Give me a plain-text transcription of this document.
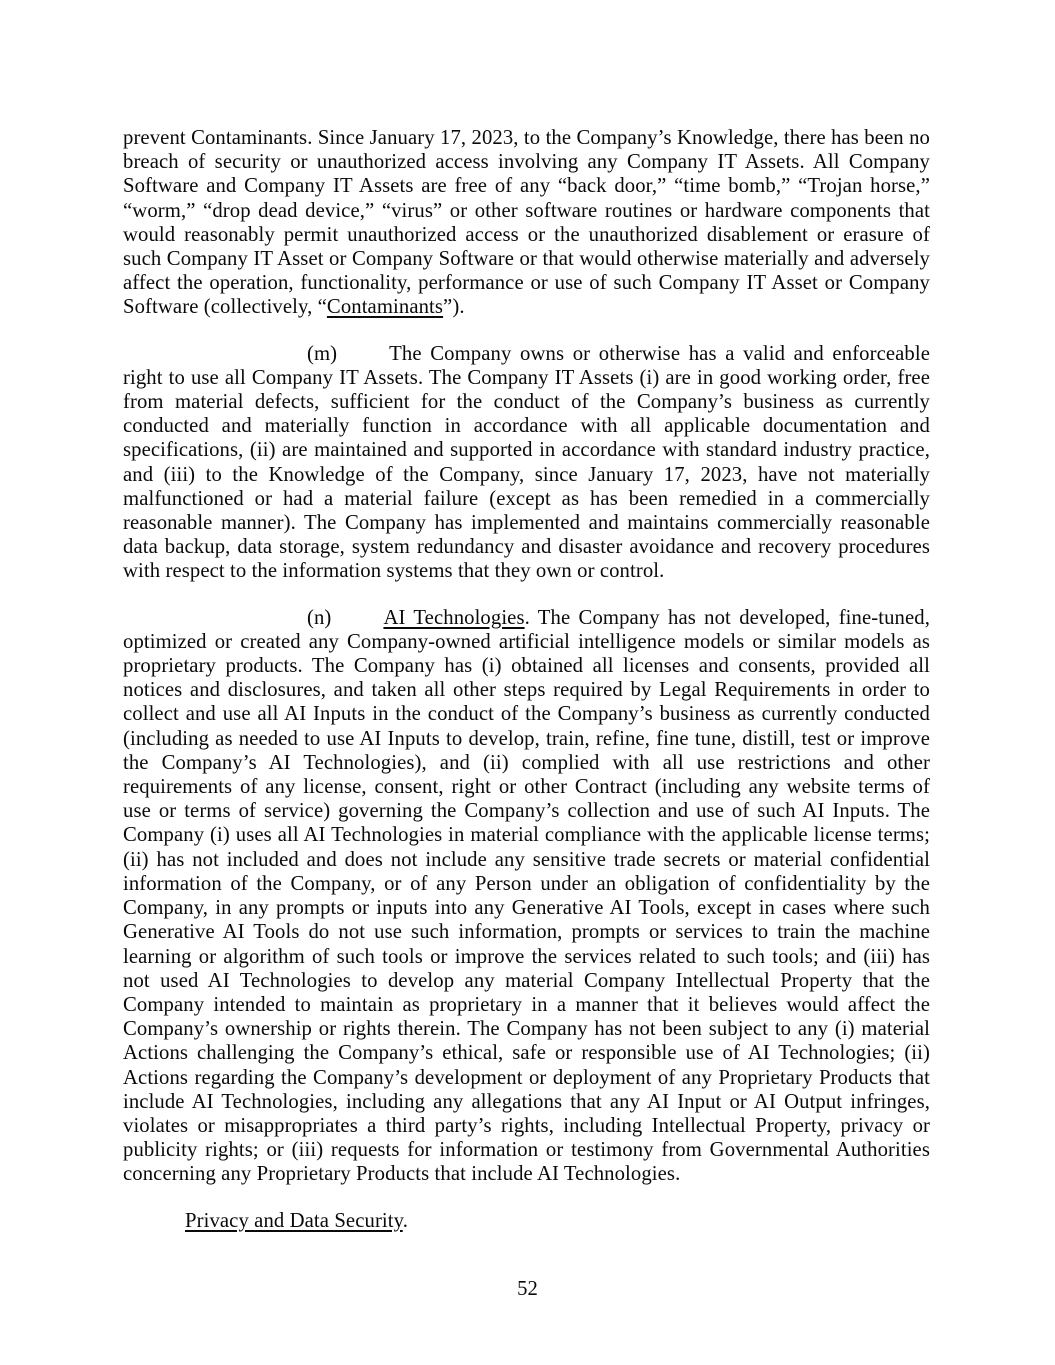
prevent Contaminants. Since January 17, 2023, to the Company’s Knowledge, there has been no breach of security or unauthorized access involving any Company IT Assets. All Company Software and Company IT Assets are free of any “back door,” “time bomb,” “Trojan horse,” “worm,” “drop dead device,” “virus” or other software routines or hardware components that would reasonably permit unauthorized access or the unauthorized disablement or erasure of such Company IT Asset or Company Software or that would otherwise materially and adversely affect the operation, functionality, performance or use of such Company IT Asset or Company Software (collectively, “Contaminants”).
(m)	The Company owns or otherwise has a valid and enforceable right to use all Company IT Assets. The Company IT Assets (i) are in good working order, free from material defects, sufficient for the conduct of the Company’s business as currently conducted and materially function in accordance with all applicable documentation and specifications, (ii) are maintained and supported in accordance with standard industry practice, and (iii) to the Knowledge of the Company, since January 17, 2023, have not materially malfunctioned or had a material failure (except as has been remedied in a commercially reasonable manner). The Company has implemented and maintains commercially reasonable data backup, data storage, system redundancy and disaster avoidance and recovery procedures with respect to the information systems that they own or control.
(n)	AI Technologies. The Company has not developed, fine-tuned, optimized or created any Company-owned artificial intelligence models or similar models as proprietary products. The Company has (i) obtained all licenses and consents, provided all notices and disclosures, and taken all other steps required by Legal Requirements in order to collect and use all AI Inputs in the conduct of the Company’s business as currently conducted (including as needed to use AI Inputs to develop, train, refine, fine tune, distill, test or improve the Company’s AI Technologies), and (ii) complied with all use restrictions and other requirements of any license, consent, right or other Contract (including any website terms of use or terms of service) governing the Company’s collection and use of such AI Inputs. The Company (i) uses all AI Technologies in material compliance with the applicable license terms; (ii) has not included and does not include any sensitive trade secrets or material confidential information of the Company, or of any Person under an obligation of confidentiality by the Company, in any prompts or inputs into any Generative AI Tools, except in cases where such Generative AI Tools do not use such information, prompts or services to train the machine learning or algorithm of such tools or improve the services related to such tools; and (iii) has not used AI Technologies to develop any material Company Intellectual Property that the Company intended to maintain as proprietary in a manner that it believes would affect the Company’s ownership or rights therein. The Company has not been subject to any (i) material Actions challenging the Company’s ethical, safe or responsible use of AI Technologies; (ii) Actions regarding the Company’s development or deployment of any Proprietary Products that include AI Technologies, including any allegations that any AI Input or AI Output infringes, violates or misappropriates a third party’s rights, including Intellectual Property, privacy or publicity rights; or (iii) requests for information or testimony from Governmental Authorities concerning any Proprietary Products that include AI Technologies.
Privacy and Data Security.
52
